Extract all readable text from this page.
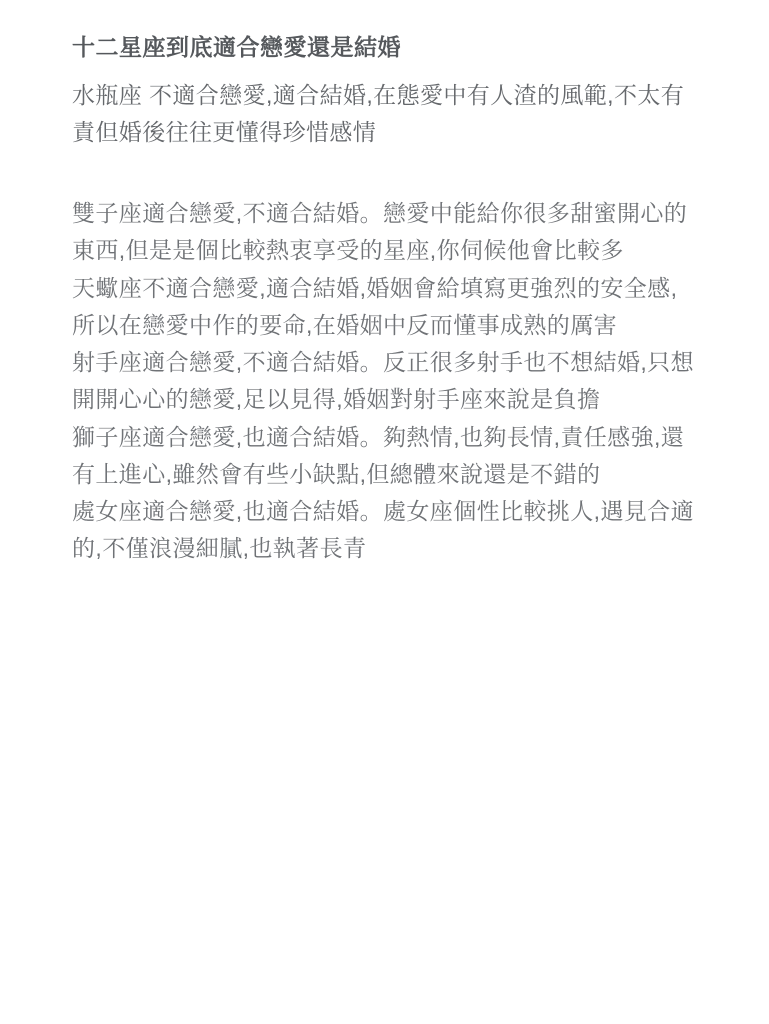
十二星座到底適合戀愛還是結婚

水瓶座 不適合戀愛,適合結婚,在態愛中有人渣的風範,不太有責但婚後往往更懂得珍惜感情

雙子座適合戀愛,不適合結婚。戀愛中能給你很多甜蜜開心的東西,但是是個比較熱衷享受的星座,你伺候他會比較多

天蠍座不適合戀愛,適合結婚,婚姻會給填寫更強烈的安全感,所以在戀愛中作的要命,在婚姻中反而懂事成熟的厲害

射手座適合戀愛,不適合結婚。反正很多射手也不想結婚,只想開開心心的戀愛,足以見得,婚姻對射手座來說是負擔

獅子座適合戀愛,也適合結婚。夠熱情,也夠長情,責任感強,還有上進心,雖然會有些小缺點,但總體來說還是不錯的

處女座適合戀愛,也適合結婚。處女座個性比較挑人,遇見合適的,不僅浪漫細膩,也執著長青
